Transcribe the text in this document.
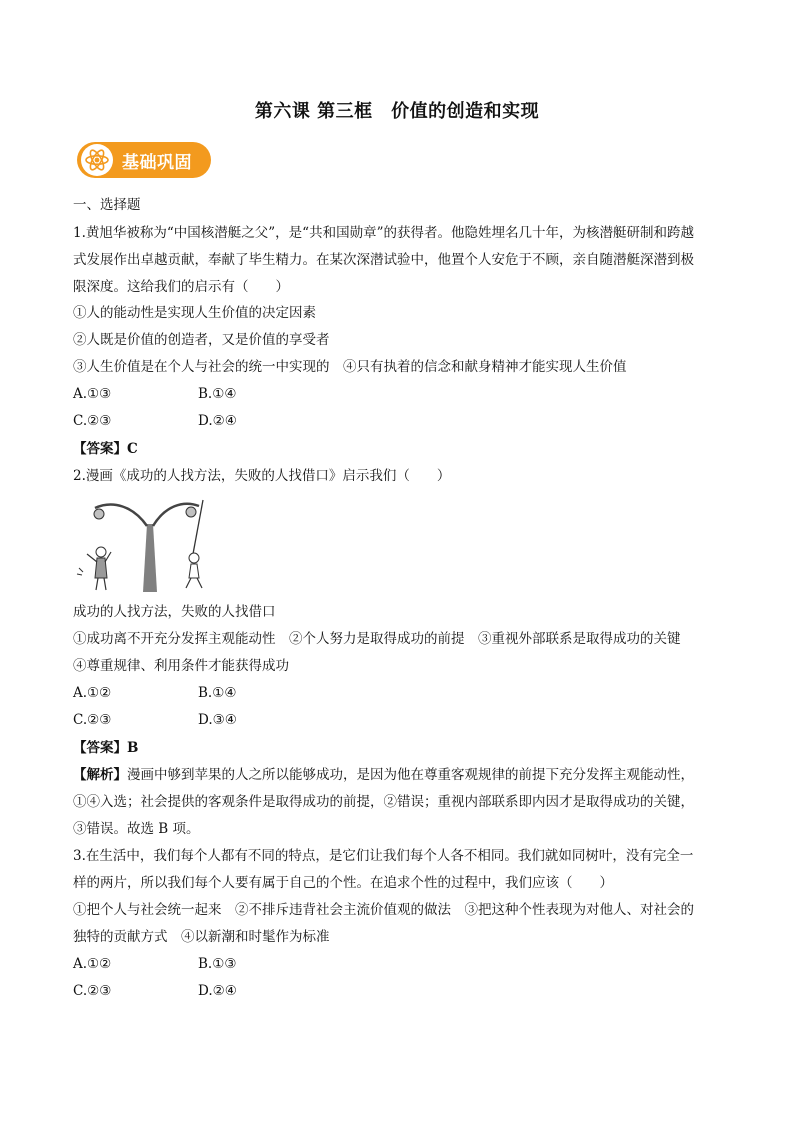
第六课 第三框　价值的创造和实现
基础巩固
一、选择题
1.黄旭华被称为“中国核潜艇之父”，是“共和国勋章”的获得者。他隐姓埋名几十年，为核潜艇研制和跨越
式发展作出卓越贡献，奉献了毕生精力。在某次深潜试验中，他置个人安危于不顾，亲自随潜艇深潜到极
限深度。这给我们的启示有（　　）
①人的能动性是实现人生价值的决定因素
②人既是价值的创造者，又是价值的享受者
③人生价值是在个人与社会的统一中实现的　④只有执着的信念和献身精神才能实现人生价值
A.①③	B.①④
C.②③	D.②④
【答案】C
2.漫画《成功的人找方法，失败的人找借口》启示我们（　　）
成功的人找方法，失败的人找借口
①成功离不开充分发挥主观能动性　②个人努力是取得成功的前提　③重视外部联系是取得成功的关键
④尊重规律、利用条件才能获得成功
A.①②	B.①④
C.②③	D.③④
【答案】B
【解析】漫画中够到苹果的人之所以能够成功，是因为他在尊重客观规律的前提下充分发挥主观能动性，
①④入选；社会提供的客观条件是取得成功的前提，②错误；重视内部联系即内因才是取得成功的关键，
③错误。故选 B 项。
3.在生活中，我们每个人都有不同的特点，是它们让我们每个人各不相同。我们就如同树叶，没有完全一
样的两片，所以我们每个人要有属于自己的个性。在追求个性的过程中，我们应该（　　）
①把个人与社会统一起来　②不排斥违背社会主流价值观的做法　③把这种个性表现为对他人、对社会的
独特的贡献方式　④以新潮和时髦作为标准
A.①②	B.①③
C.②③	D.②④
